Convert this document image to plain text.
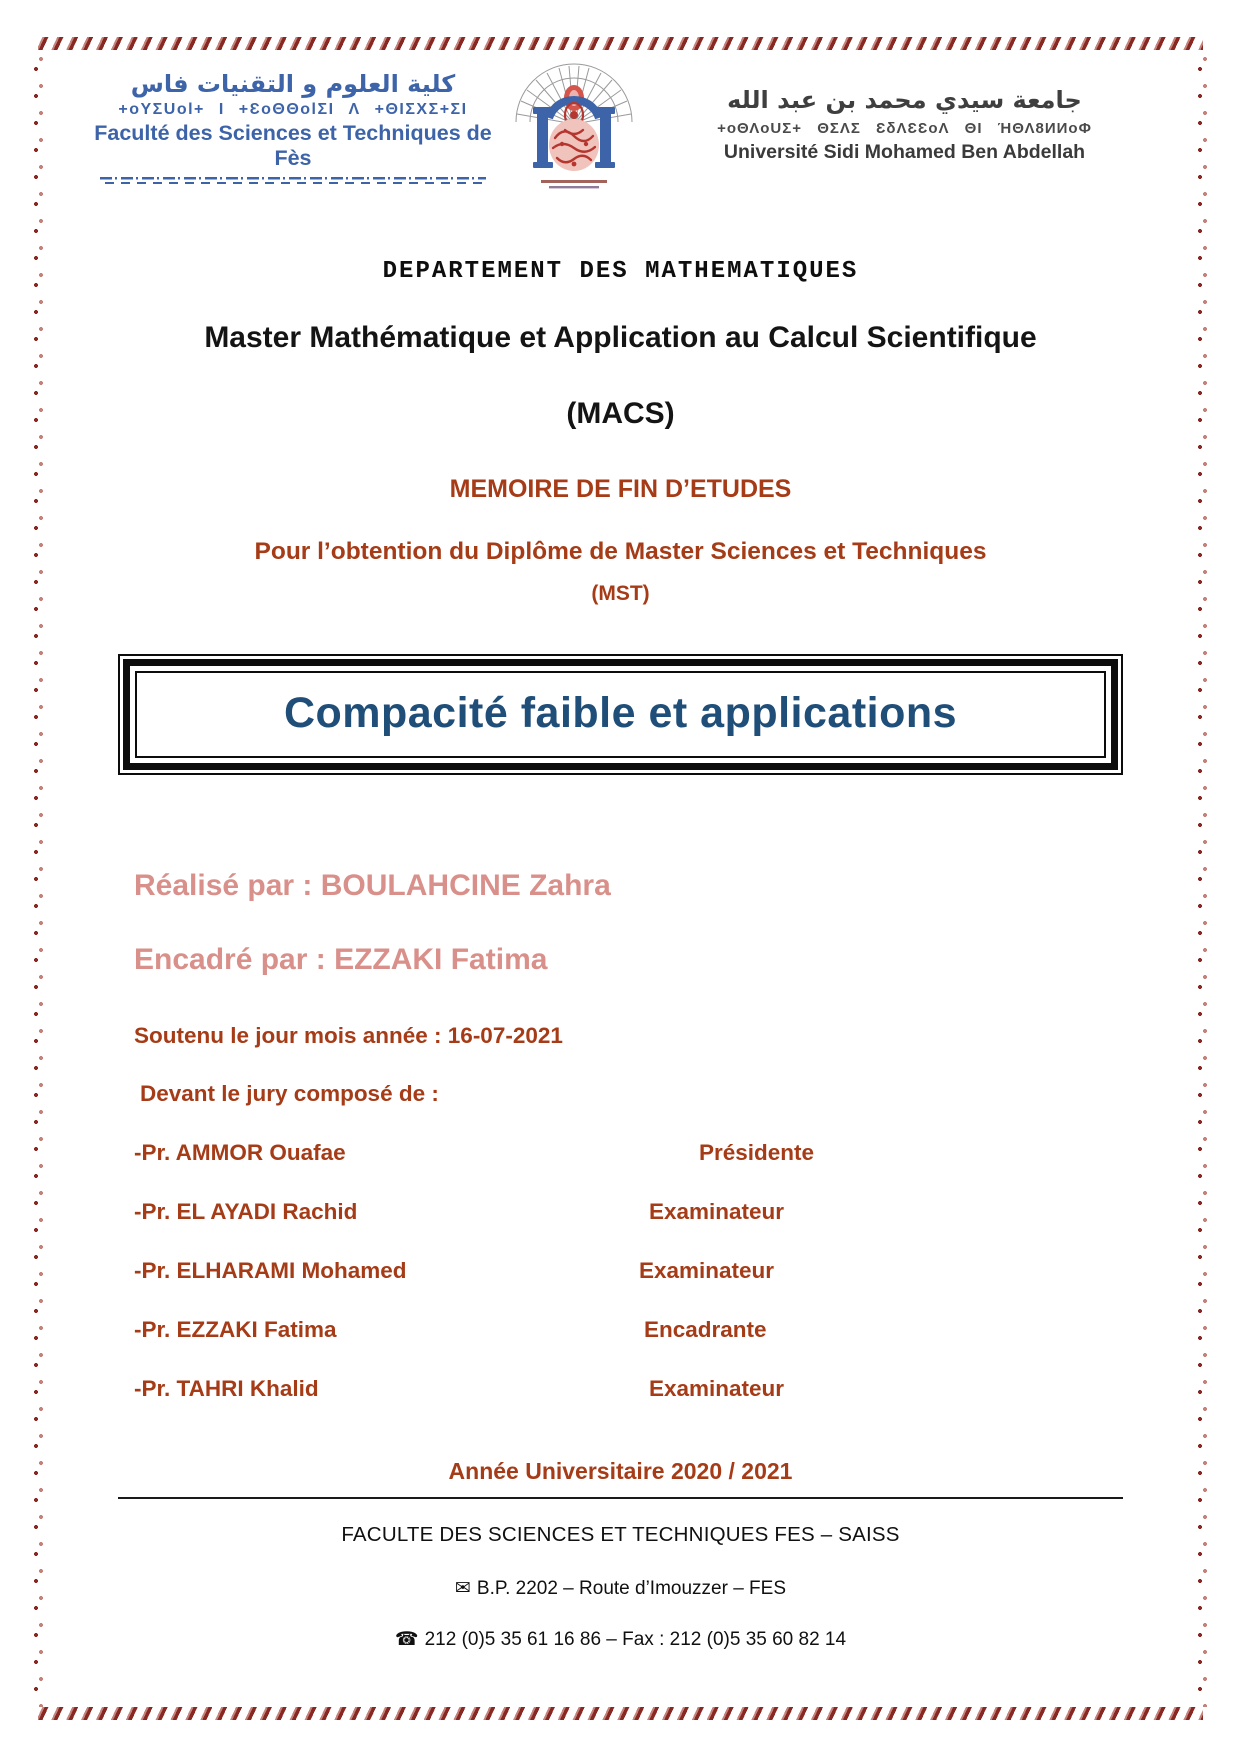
كلية العلوم و التقنيات فاس
+oYΣUol+ I +ƐoΘΘolΣI Λ +ΘIΣXΣ+ΣI
Faculté des Sciences et Techniques de Fès
جامعة سيدي محمد بن عبد الله
+oΘΛoUΣ+ ΘΣΛΣ ƐδΛƐƐoΛ ΘI ΉΘΛ8ИИoΦ
Université Sidi Mohamed Ben Abdellah
DEPARTEMENT DES MATHEMATIQUES
Master Mathématique et Application au Calcul Scientifique
(MACS)
MEMOIRE DE FIN D’ETUDES
Pour l’obtention du Diplôme de Master Sciences et Techniques
(MST)
Compacité faible et applications
Réalisé par : BOULAHCINE Zahra
Encadré par : EZZAKI Fatima
Soutenu le jour mois année : 16-07-2021
Devant le jury composé de :
-Pr. AMMOR Ouafae	Présidente
-Pr. EL AYADI Rachid	Examinateur
-Pr. ELHARAMI Mohamed	Examinateur
-Pr. EZZAKI Fatima	Encadrante
-Pr. TAHRI Khalid	Examinateur
Année Universitaire 2020 / 2021
FACULTE DES SCIENCES ET TECHNIQUES FES – SAISS
✉ B.P. 2202 – Route d’Imouzzer – FES
☎ 212 (0)5 35 61 16 86 – Fax : 212 (0)5 35 60 82 14
